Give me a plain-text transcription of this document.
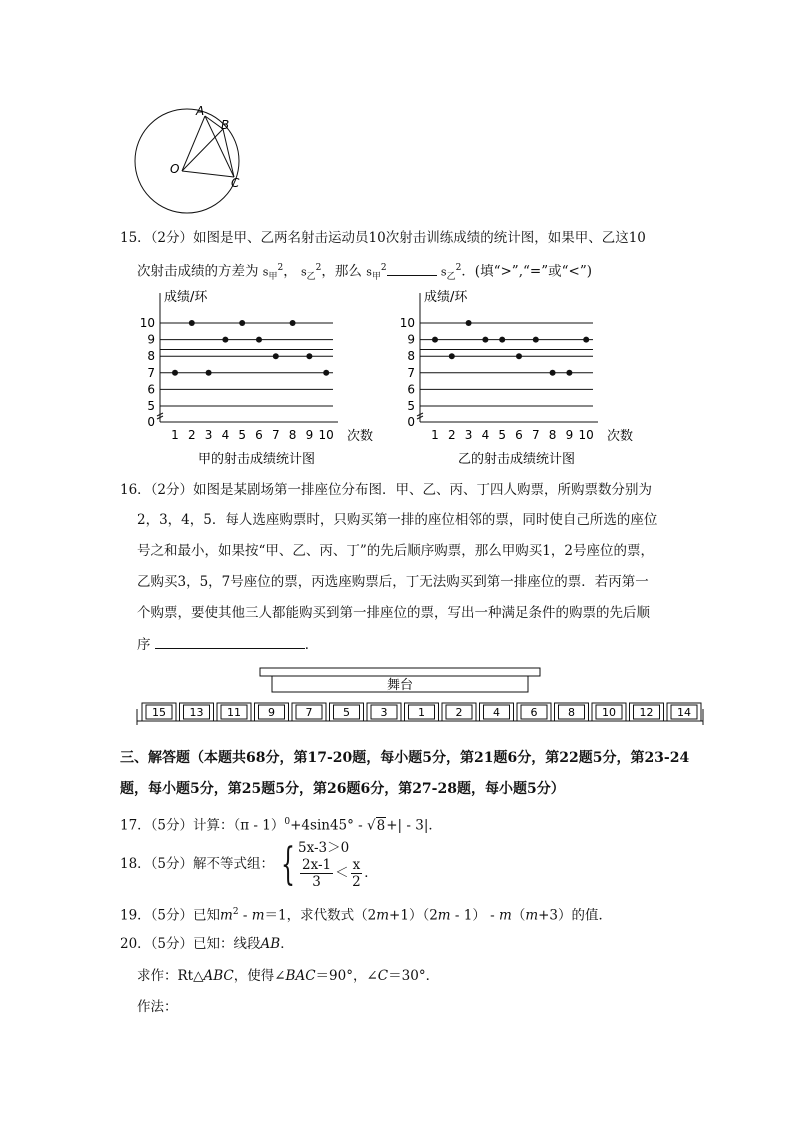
A
B
O
C
15．（2分）如图是甲、乙两名射击运动员10次射击训练成绩的统计图，如果甲、乙这10
次射击成绩的方差为 $s_甲^2$， $s_乙^2$，那么 $s_甲^2$	$s_乙^2$．(填“>”,“=”或“<”)
0
5
6
7
8
9
10
1 2 3 4 5 6 7 8 9 10
成绩/环
次数
甲的射击成绩统计图
0
5
6
7
8
9
10
1 2 3 4 5 6 7 8 9 10
成绩/环
次数
乙的射击成绩统计图
16．（2分）如图是某剧场第一排座位分布图．甲、乙、丙、丁四人购票，所购票数分别为
2，3，4，5．每人选座购票时，只购买第一排的座位相邻的票，同时使自己所选的座位
号之和最小，如果按“甲、乙、丙、丁”的先后顺序购票，那么甲购买1，2号座位的票，
乙购买3，5，7号座位的票，丙选座购票后，丁无法购买到第一排座位的票．若丙第一
个购票，要使其他三人都能购买到第一排座位的票，写出一种满足条件的购票的先后顺
序	．
舞台
15 13 11 9	7	5	3	1	2	4	6	8 10 12 14
三、解答题（本题共68分，第17-20题，每小题5分，第21题6分，第22题5分，第23-24
题，每小题5分，第25题5分，第26题6分，第27-28题，每小题5分）
17．（5分）计算：（π - 1）$^0$+4sin45° - √8+| - 3|．
18．（5分）解不等式组： { 5x-3＞0
$\frac{2x-1}{3} < \frac{x}{2}$ ．
19．（5分）已知$m^2 - m=1$，求代数式（2m+1）（2m - 1） - m（m+3）的值．
20．（5分）已知：线段AB．
求作：Rt△ABC，使得∠BAC＝90°，∠C＝30°．
作法：
